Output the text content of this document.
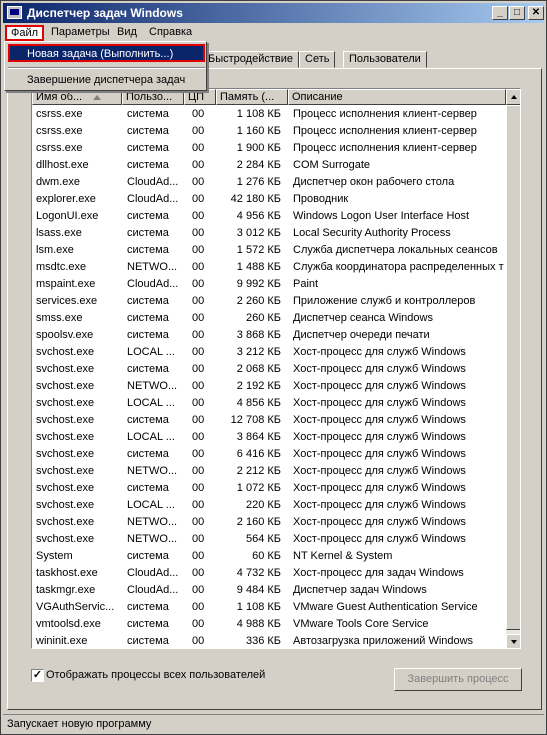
Диспетчер задач Windows	_	□	✕
Файл	Параметры Вид	Справка
Быстродействие	Сеть	Пользователи
Имя об...	Пользо...	ЦП	Память (...	Описание
csrss.exe	система	00	1 108 КБ Процесс исполнения клиент-сервер
csrss.exe	система	00	1 160 КБ Процесс исполнения клиент-сервер
csrss.exe	система	00	1 900 КБ Процесс исполнения клиент-сервер
dllhost.exe	система	00	2 284 КБ COM Surrogate
dwm.exe	CloudAd...	00	1 276 КБ Диспетчер окон рабочего стола
explorer.exe	CloudAd...	00	42 180 КБ Проводник
LogonUI.exe	система	00	4 956 КБ Windows Logon User Interface Host
lsass.exe	система	00	3 012 КБ Local Security Authority Process
lsm.exe	система	00	1 572 КБ Служба диспетчера локальных сеансов
msdtc.exe	NETWO...	00	1 488 КБ Служба координатора распределенных т
mspaint.exe	CloudAd...	00	9 992 КБ Paint
services.exe	система	00	2 260 КБ Приложение служб и контроллеров
smss.exe	система	00	260 КБ Диспетчер сеанса Windows
spoolsv.exe	система	00	3 868 КБ Диспетчер очереди печати
svchost.exe	LOCAL ...	00	3 212 КБ Хост-процесс для служб Windows
svchost.exe	система	00	2 068 КБ Хост-процесс для служб Windows
svchost.exe	NETWO...	00	2 192 КБ Хост-процесс для служб Windows
svchost.exe	LOCAL ...	00	4 856 КБ Хост-процесс для служб Windows
svchost.exe	система	00	12 708 КБ Хост-процесс для служб Windows
svchost.exe	LOCAL ...	00	3 864 КБ Хост-процесс для служб Windows
svchost.exe	система	00	6 416 КБ Хост-процесс для служб Windows
svchost.exe	NETWO...	00	2 212 КБ Хост-процесс для служб Windows
svchost.exe	система	00	1 072 КБ Хост-процесс для служб Windows
svchost.exe	LOCAL ...	00	220 КБ Хост-процесс для служб Windows
svchost.exe	NETWO...	00	2 160 КБ Хост-процесс для служб Windows
svchost.exe	NETWO...	00	564 КБ Хост-процесс для служб Windows
System	система	00	60 КБ NT Kernel & System
taskhost.exe	CloudAd...	00	4 732 КБ Хост-процесс для задач Windows
taskmgr.exe	CloudAd...	00	9 484 КБ Диспетчер задач Windows
VGAuthServic...	система	00	1 108 КБ VMware Guest Authentication Service
vmtoolsd.exe	система	00	4 988 КБ VMware Tools Core Service
wininit.exe	система	00	336 КБ Автозагрузка приложений Windows
✓ Отображать процессы всех пользователей	Завершить процесс
Запускает новую программу
Новая задача (Выполнить...)
Завершение диспетчера задач
